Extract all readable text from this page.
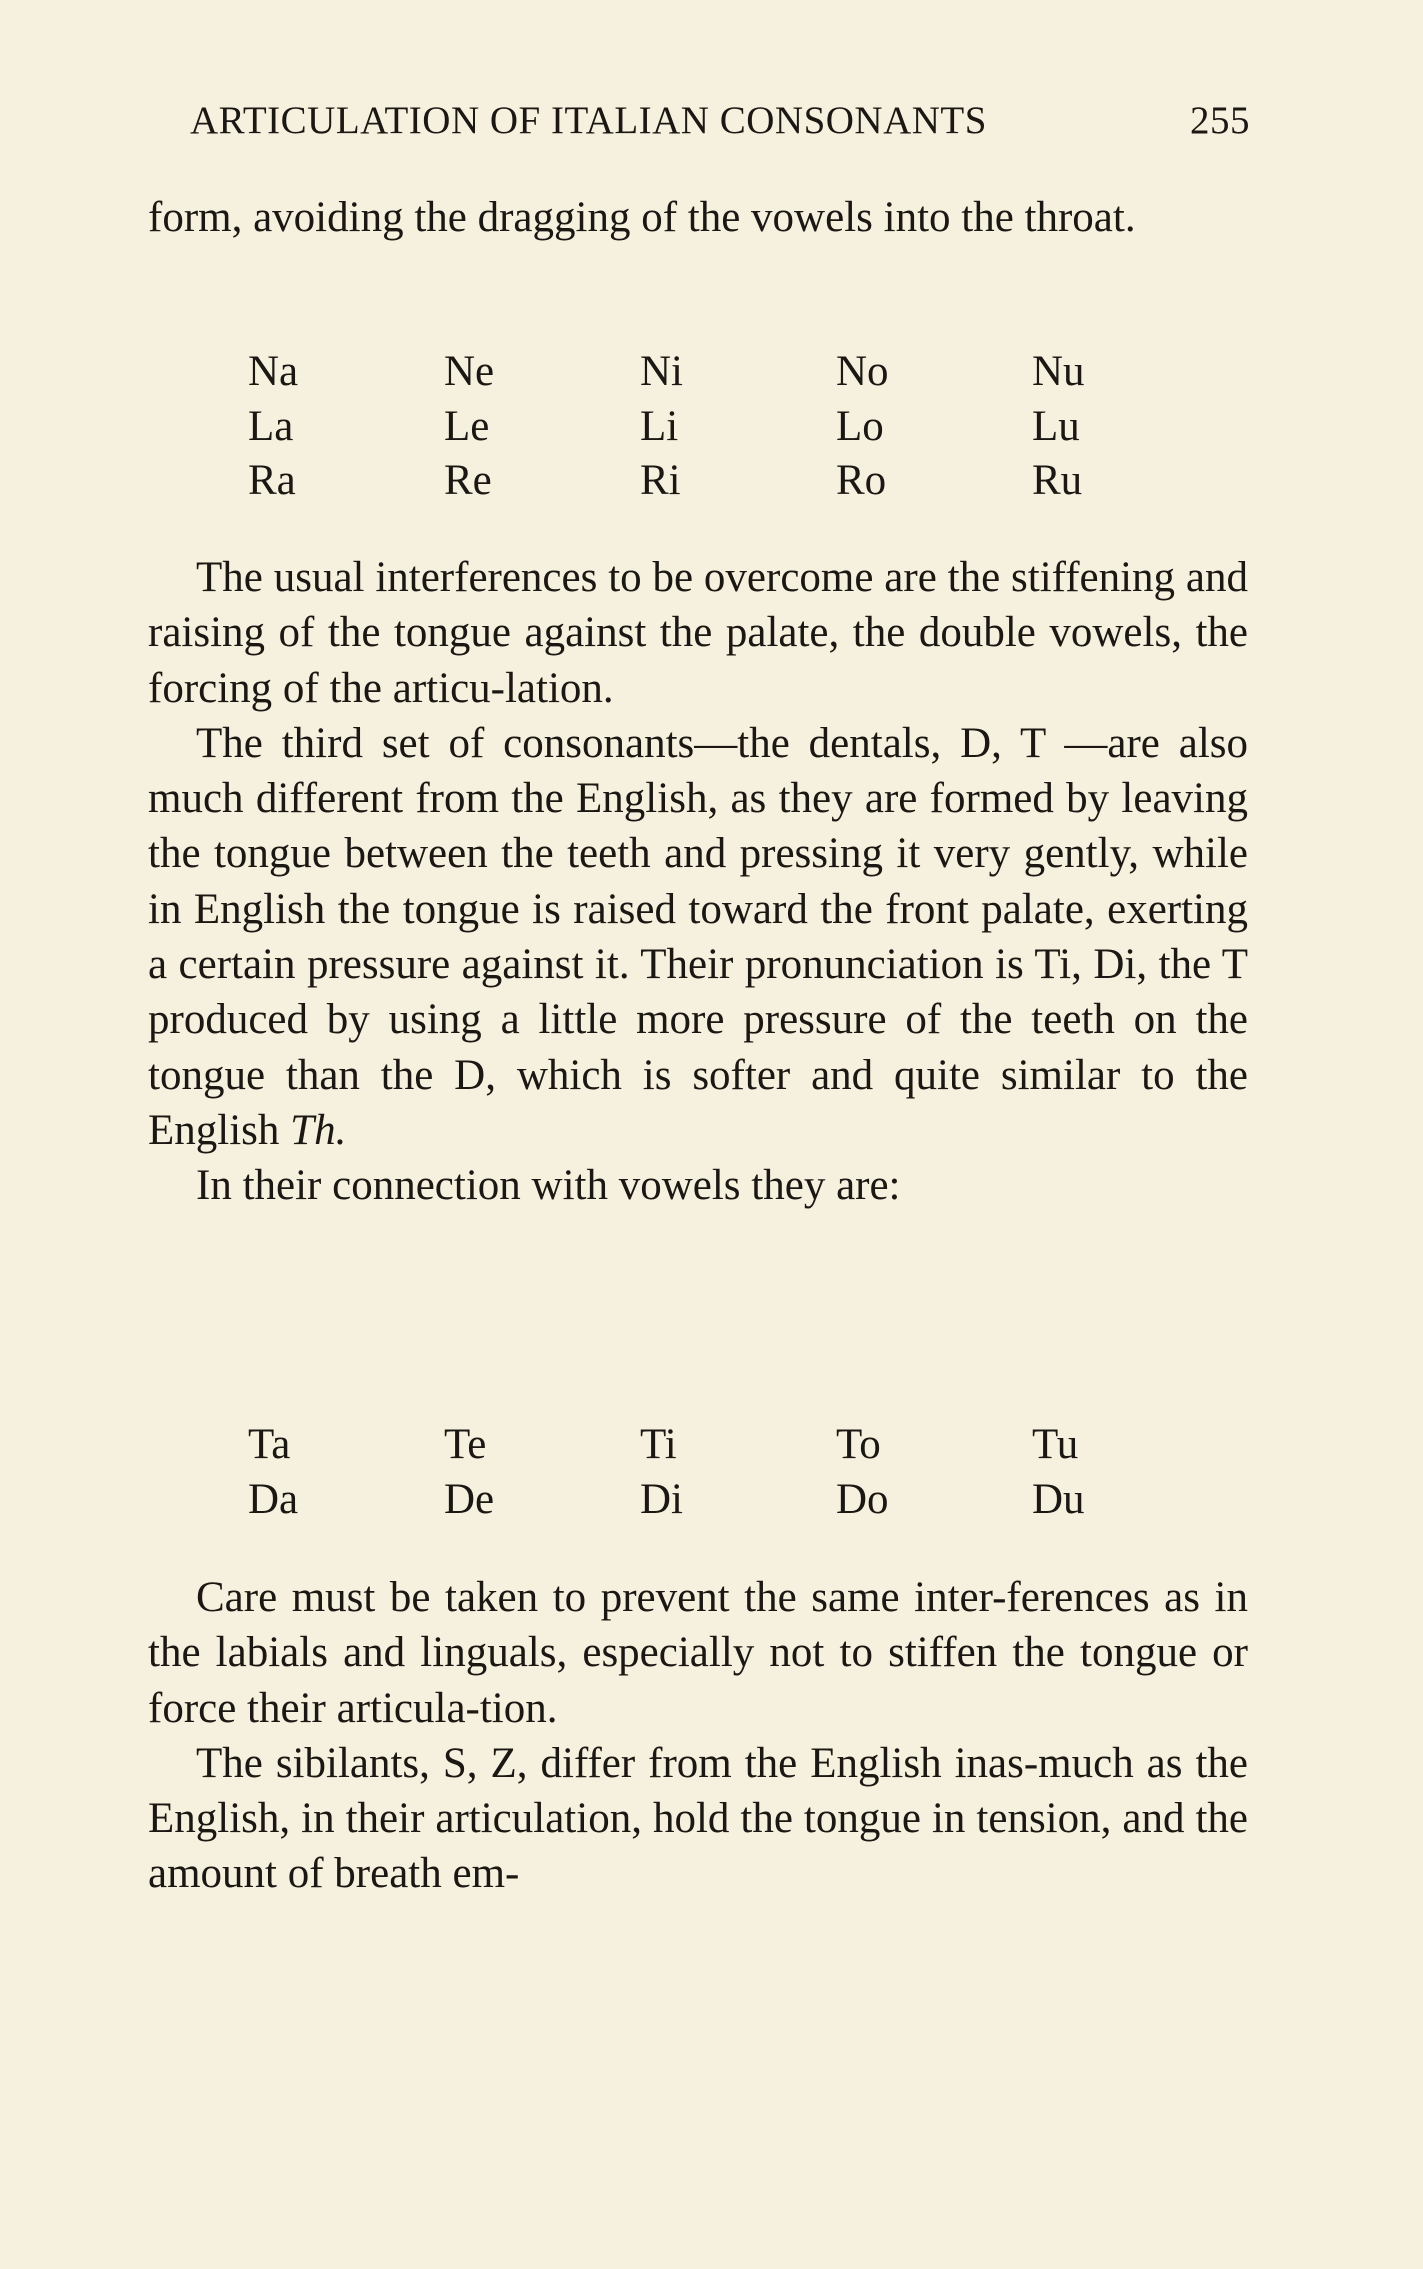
ARTICULATION OF ITALIAN CONSONANTS	255

form, avoiding the dragging of the vowels into the throat.

Na	Ne	Ni	No	Nu
La	Le	Li	Lo	Lu
Ra	Re	Ri	Ro	Ru

The usual interferences to be overcome are the stiffening and raising of the tongue against the palate, the double vowels, the forcing of the articu-lation.

The third set of consonants—the dentals, D, T —are also much different from the English, as they are formed by leaving the tongue between the teeth and pressing it very gently, while in English the tongue is raised toward the front palate, exerting a certain pressure against it. Their pronunciation is Ti, Di, the T produced by using a little more pressure of the teeth on the tongue than the D, which is softer and quite similar to the English Th.

In their connection with vowels they are:

Ta	Te	Ti	To	Tu
Da	De	Di	Do	Du

Care must be taken to prevent the same inter-ferences as in the labials and linguals, especially not to stiffen the tongue or force their articula-tion.

The sibilants, S, Z, differ from the English inas-much as the English, in their articulation, hold the tongue in tension, and the amount of breath em-
